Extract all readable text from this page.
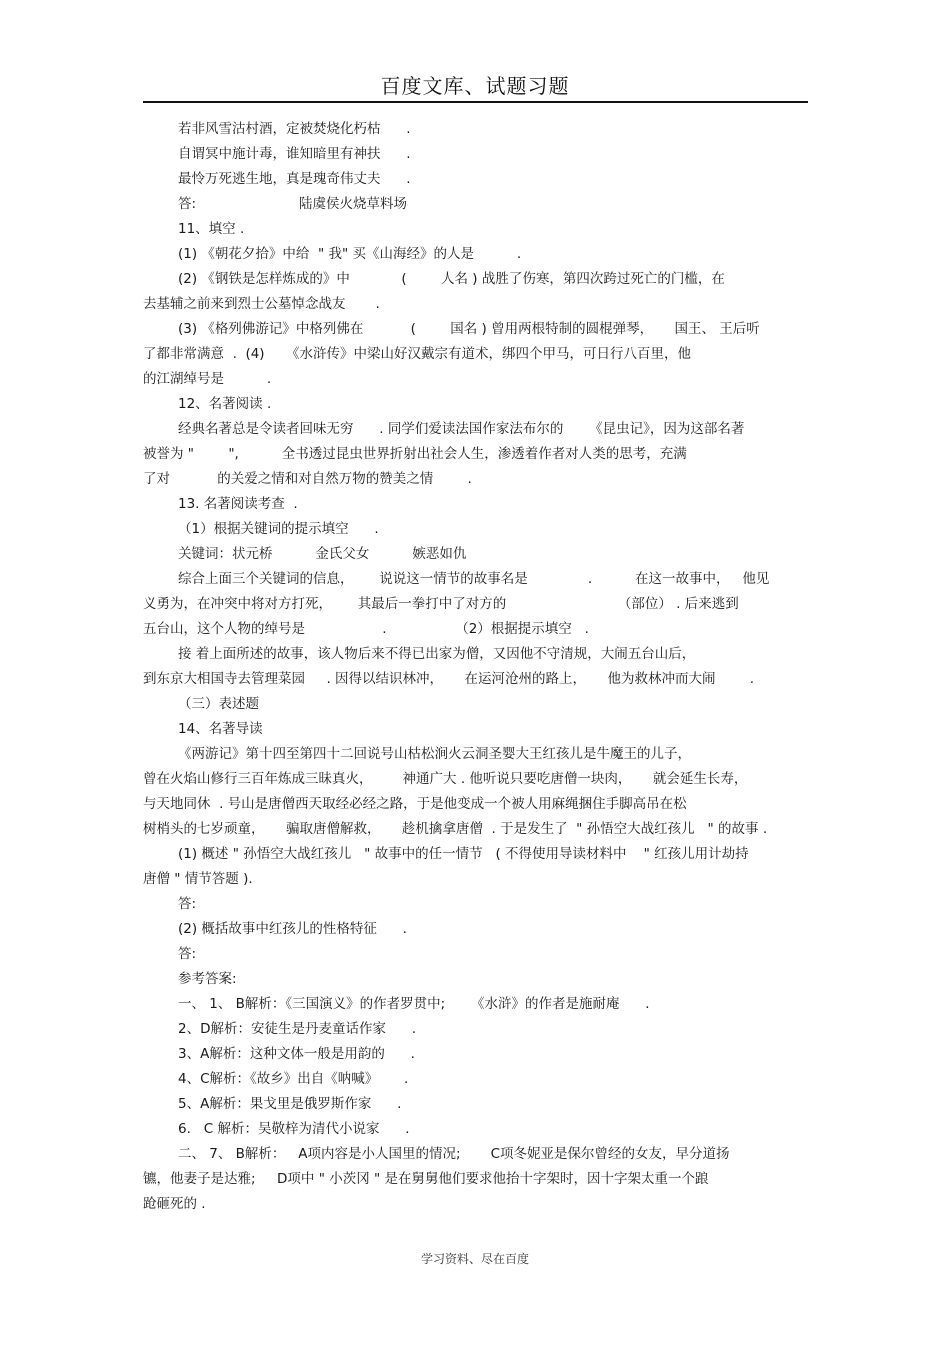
百度文库、试题习题
若非风雪沽村酒，定被焚烧化朽枯      .
自谓冥中施计毒，谁知暗里有神扶      .
最怜万死逃生地，真是瑰奇伟丈夫      .
答:                        陆虞侯火烧草料场
11、填空 .
(1) 《朝花夕拾》中给  " 我" 买《山海经》的人是          .
(2) 《钢铁是怎样炼成的》中            (        人名 ) 战胜了伤寒，第四次跨过死亡的门槛，在
去基辅之前来到烈士公墓悼念战友       .
(3) 《格列佛游记》中格列佛在           (        国名 ) 曾用两根特制的圆棍弹琴，     国王、 王后听
了都非常满意  .  (4)     《水浒传》中梁山好汉戴宗有道术，绑四个甲马，可日行八百里，他
的江湖绰号是          .
12、名著阅读 .
经典名著总是令读者回味无穷      . 同学们爱读法国作家法布尔的      《昆虫记》，因为这部名著
被誉为 "        ",          全书透过昆虫世界折射出社会人生，渗透着作者对人类的思考，充满
了对           的关爱之情和对自然万物的赞美之情        .
13. 名著阅读考查  .
（1）根据关键词的提示填空      .
关键词：状元桥          金氏父女          嫉恶如仇
综合上面三个关键词的信息，      说说这一情节的故事名是              .          在这一故事中，   他见
义勇为，在冲突中将对方打死，      其最后一拳打中了对方的                          （部位） . 后来逃到
五台山，这个人物的绰号是                  .                （2）根据提示填空   .
接 着上面所述的故事，该人物后来不得已出家为僧，又因他不守清规，大闹五台山后，
到东京大相国寺去管理菜园     . 因得以结识林冲，     在运河沧州的路上，     他为救林冲而大闹        .
（三）表述题
14、名著导读
《两游记》第十四至第四十二回说号山枯松涧火云洞圣婴大王红孩儿是牛魔王的儿子，
曾在火焰山修行三百年炼成三昧真火，       神通广大 . 他听说只要吃唐僧一块肉，     就会延生长寿，
与天地同休  . 号山是唐僧西天取经必经之路，于是他变成一个被人用麻绳捆住手脚高吊在松
树梢头的七岁顽童，     骗取唐僧解救，     趁机擒拿唐僧  . 于是发生了  " 孙悟空大战红孩儿   " 的故事 .
(1) 概述 " 孙悟空大战红孩儿   " 故事中的任一情节   ( 不得使用导读材料中    " 红孩儿用计劫持
唐僧 " 情节答题 ).
答:
(2) 概括故事中红孩儿的性格特征      .
答:
参考答案:
一、 1、 B解析：《三国演义》的作者罗贯中;      《水浒》的作者是施耐庵      .
2、D解析：安徒生是丹麦童话作家      .
3、A解析：这种文体一般是用韵的      .
4、C解析：《故乡》出自《呐喊》      .
5、A解析：果戈里是俄罗斯作家      .
6.   C 解析：吴敬梓为清代小说家      .
二、 7、 B解析：   A项内容是小人国里的情况;       C项冬妮亚是保尔曾经的女友，早分道扬
镳，他妻子是达雅;     D项中 " 小茨冈 " 是在舅舅他们要求他抬十字架时，因十字架太重一个踉
跄砸死的 .
学习资料、尽在百度
